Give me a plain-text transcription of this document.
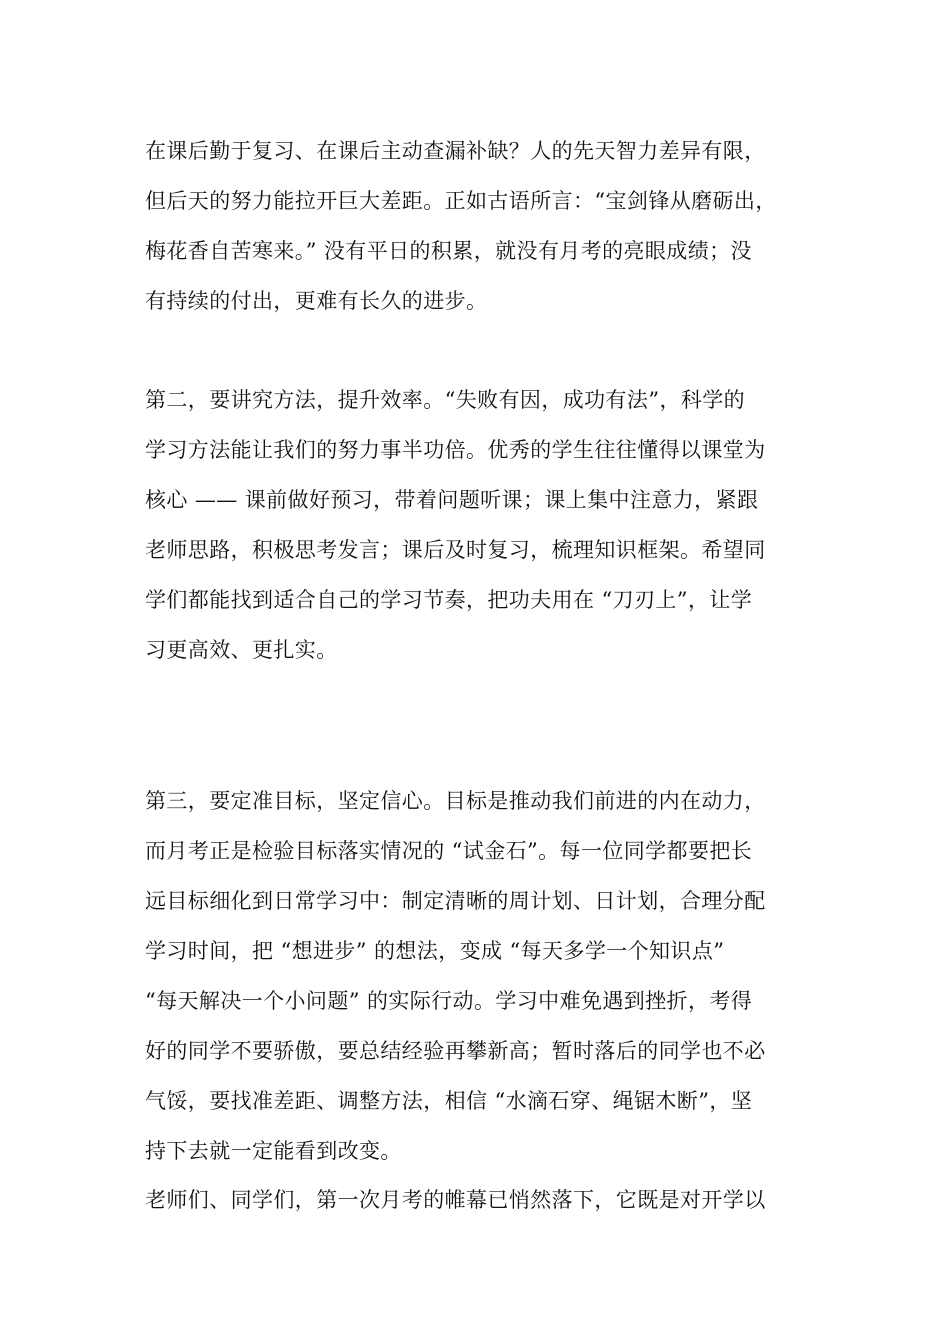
在课后勤于复习、在课后主动查漏补缺？人的先天智力差异有限，
但后天的努力能拉开巨大差距。正如古语所言：“宝剑锋从磨砺出，
梅花香自苦寒来。” 没有平日的积累，就没有月考的亮眼成绩；没
有持续的付出，更难有长久的进步。

第二，要讲究方法，提升效率。“失败有因，成功有法”，科学的
学习方法能让我们的努力事半功倍。优秀的学生往往懂得以课堂为
核心 —— 课前做好预习，带着问题听课；课上集中注意力，紧跟
老师思路，积极思考发言；课后及时复习，梳理知识框架。希望同
学们都能找到适合自己的学习节奏，把功夫用在 “刀刃上”，让学
习更高效、更扎实。

第三，要定准目标，坚定信心。目标是推动我们前进的内在动力，
而月考正是检验目标落实情况的 “试金石”。每一位同学都要把长
远目标细化到日常学习中：制定清晰的周计划、日计划，合理分配
学习时间，把 “想进步” 的想法，变成 “每天多学一个知识点”
“每天解决一个小问题” 的实际行动。学习中难免遇到挫折，考得
好的同学不要骄傲，要总结经验再攀新高；暂时落后的同学也不必
气馁，要找准差距、调整方法，相信 “水滴石穿、绳锯木断”，坚
持下去就一定能看到改变。

老师们、同学们，第一次月考的帷幕已悄然落下，它既是对开学以
